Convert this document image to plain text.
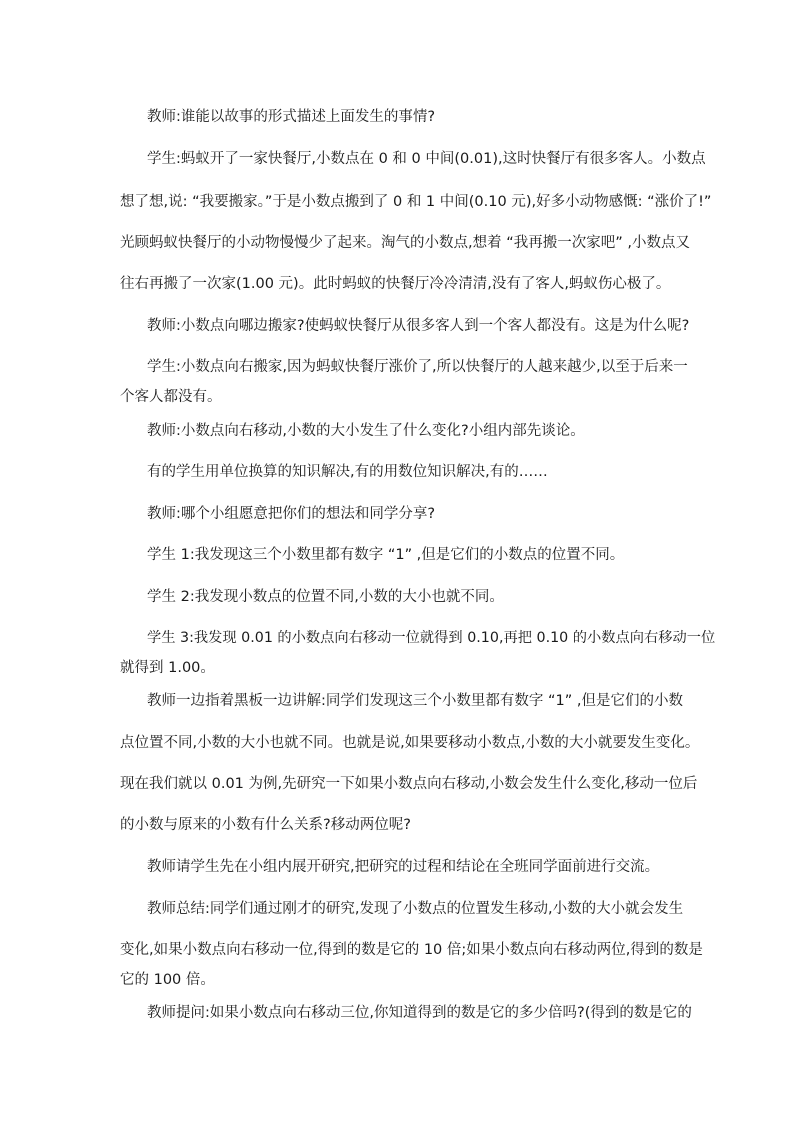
教师:谁能以故事的形式描述上面发生的事情?
学生:蚂蚁开了一家快餐厅,小数点在 0 和 0 中间(0.01),这时快餐厅有很多客人。小数点
想了想,说: “我要搬家。”于是小数点搬到了 0 和 1 中间(0.10 元),好多小动物感慨: “涨价了!”
光顾蚂蚁快餐厅的小动物慢慢少了起来。淘气的小数点,想着 “我再搬一次家吧” ,小数点又
往右再搬了一次家(1.00 元)。此时蚂蚁的快餐厅冷冷清清,没有了客人,蚂蚁伤心极了。
教师:小数点向哪边搬家?使蚂蚁快餐厅从很多客人到一个客人都没有。这是为什么呢?
学生:小数点向右搬家,因为蚂蚁快餐厅涨价了,所以快餐厅的人越来越少,以至于后来一
个客人都没有。
教师:小数点向右移动,小数的大小发生了什么变化?小组内部先谈论。
有的学生用单位换算的知识解决,有的用数位知识解决,有的……
教师:哪个小组愿意把你们的想法和同学分享?
学生 1:我发现这三个小数里都有数字 “1” ,但是它们的小数点的位置不同。
学生 2:我发现小数点的位置不同,小数的大小也就不同。
学生 3:我发现 0.01 的小数点向右移动一位就得到 0.10,再把 0.10 的小数点向右移动一位
就得到 1.00。
教师一边指着黑板一边讲解:同学们发现这三个小数里都有数字 “1” ,但是它们的小数
点位置不同,小数的大小也就不同。也就是说,如果要移动小数点,小数的大小就要发生变化。
现在我们就以 0.01 为例,先研究一下如果小数点向右移动,小数会发生什么变化,移动一位后
的小数与原来的小数有什么关系?移动两位呢?
教师请学生先在小组内展开研究,把研究的过程和结论在全班同学面前进行交流。
教师总结:同学们通过刚才的研究,发现了小数点的位置发生移动,小数的大小就会发生
变化,如果小数点向右移动一位,得到的数是它的 10 倍;如果小数点向右移动两位,得到的数是
它的 100 倍。
教师提问:如果小数点向右移动三位,你知道得到的数是它的多少倍吗?(得到的数是它的
